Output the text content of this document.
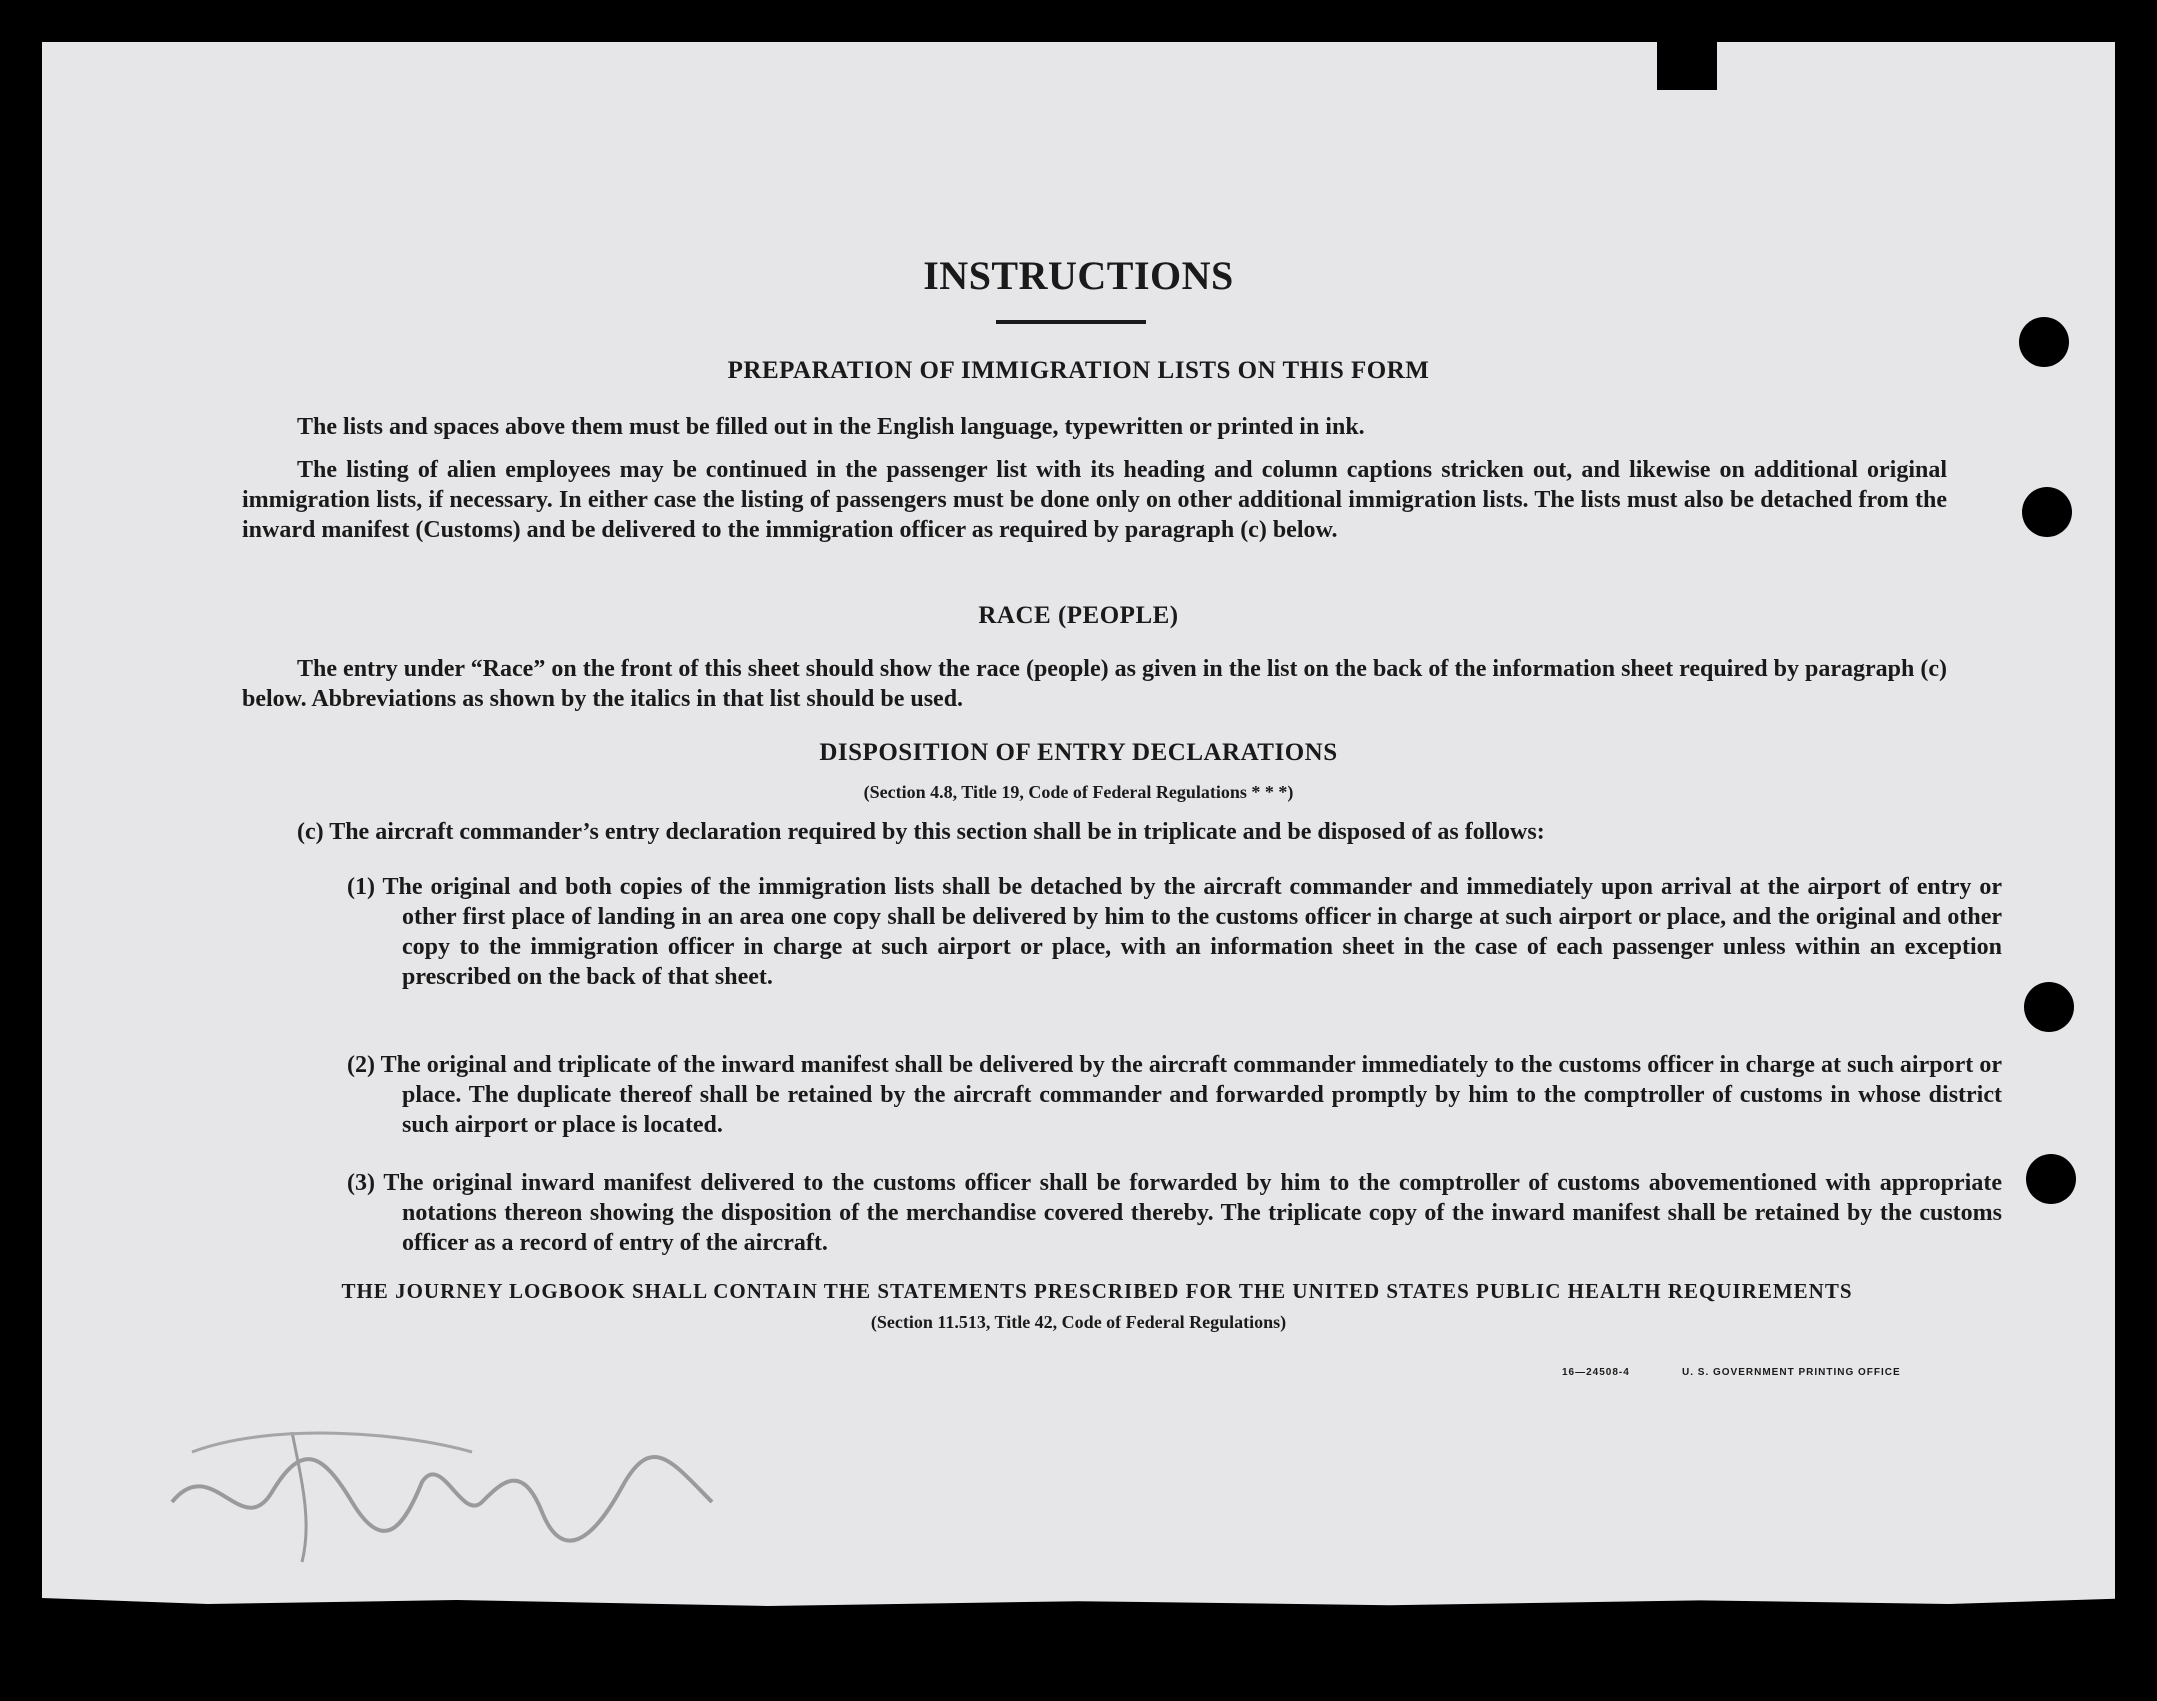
INSTRUCTIONS
PREPARATION OF IMMIGRATION LISTS ON THIS FORM
The lists and spaces above them must be filled out in the English language, typewritten or printed in ink.
The listing of alien employees may be continued in the passenger list with its heading and column captions stricken out, and likewise on additional original immigration lists, if necessary. In either case the listing of passengers must be done only on other additional immigration lists. The lists must also be detached from the inward manifest (Customs) and be delivered to the immigration officer as required by paragraph (c) below.
RACE (PEOPLE)
The entry under “Race” on the front of this sheet should show the race (people) as given in the list on the back of the information sheet required by paragraph (c) below. Abbreviations as shown by the italics in that list should be used.
DISPOSITION OF ENTRY DECLARATIONS
(Section 4.8, Title 19, Code of Federal Regulations * * *)
(c) The aircraft commander’s entry declaration required by this section shall be in triplicate and be disposed of as follows:
(1) The original and both copies of the immigration lists shall be detached by the aircraft commander and immediately upon arrival at the airport of entry or other first place of landing in an area one copy shall be delivered by him to the customs officer in charge at such airport or place, and the original and other copy to the immigration officer in charge at such airport or place, with an information sheet in the case of each passenger unless within an exception prescribed on the back of that sheet.
(2) The original and triplicate of the inward manifest shall be delivered by the aircraft commander immediately to the customs officer in charge at such airport or place. The duplicate thereof shall be retained by the aircraft commander and forwarded promptly by him to the comptroller of customs in whose district such airport or place is located.
(3) The original inward manifest delivered to the customs officer shall be forwarded by him to the comptroller of customs abovementioned with appropriate notations thereon showing the disposition of the merchandise covered thereby. The triplicate copy of the inward manifest shall be retained by the customs officer as a record of entry of the aircraft.
THE JOURNEY LOGBOOK SHALL CONTAIN THE STATEMENTS PRESCRIBED FOR THE UNITED STATES PUBLIC HEALTH REQUIREMENTS
(Section 11.513, Title 42, Code of Federal Regulations)
16—24508-4	U. S. GOVERNMENT PRINTING OFFICE
